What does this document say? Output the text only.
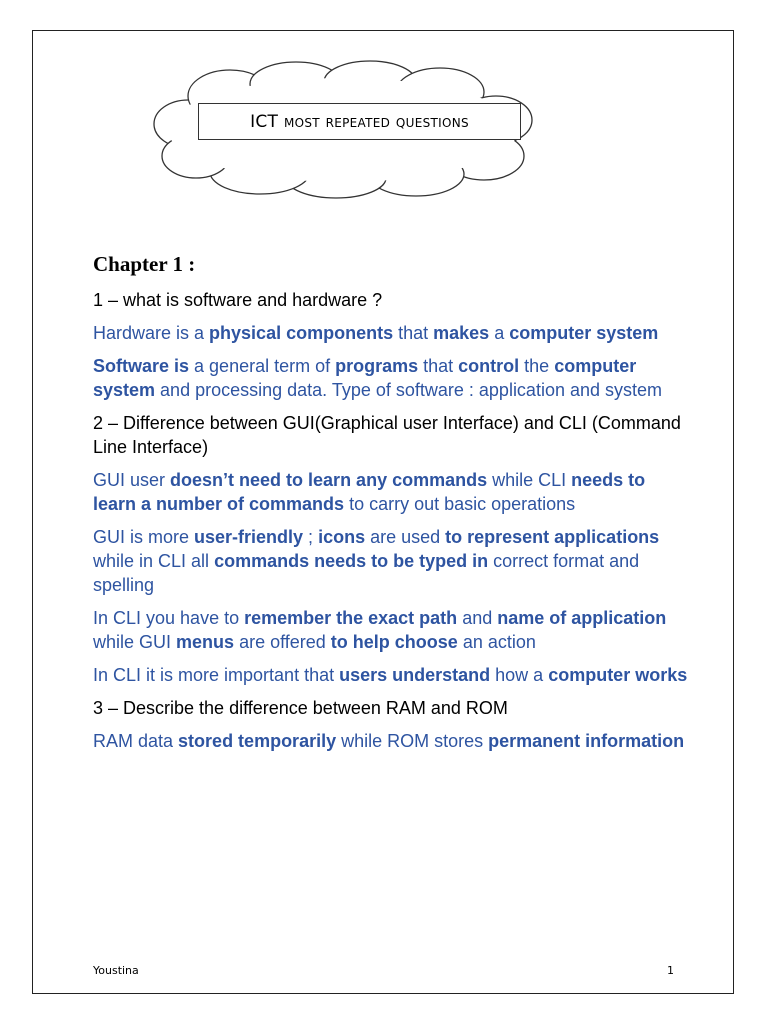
ICT most repeated questions
Chapter 1 :

1 – what is software and hardware ?

Hardware is a physical components that makes a computer system

Software is a general term of programs that control the computer system and processing data. Type of software : application and system

2 – Difference between GUI(Graphical user Interface) and CLI (Command Line Interface)

GUI user doesn’t need to learn any commands while CLI needs to learn a number of commands to carry out basic operations

GUI is more user-friendly ; icons are used to represent applications while in CLI all commands needs to be typed in correct format and spelling

In CLI you have to remember the exact path and name of application while GUI menus are offered to help choose an action

In CLI it is more important that users understand how a computer works

3 – Describe the difference between RAM and ROM

RAM data stored temporarily while ROM stores permanent information

Youstina	1
